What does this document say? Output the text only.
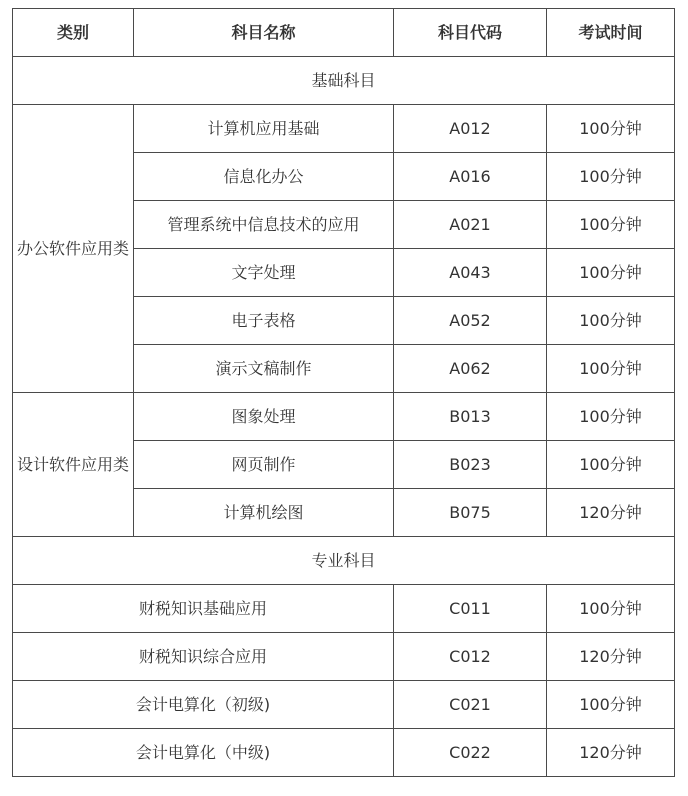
类别	科目名称	科目代码	考试时间
基础科目			
办公软件应用类	计算机应用基础	A012	100分钟
	信息化办公	A016	100分钟
	管理系统中信息技术的应用	A021	100分钟
	文字处理	A043	100分钟
	电子表格	A052	100分钟
	演示文稿制作	A062	100分钟
设计软件应用类	图象处理	B013	100分钟
	网页制作	B023	100分钟
	计算机绘图	B075	120分钟
专业科目			
财税知识基础应用		C011	100分钟
财税知识综合应用		C012	120分钟
会计电算化（初级)		C021	100分钟
会计电算化（中级)		C022	120分钟
